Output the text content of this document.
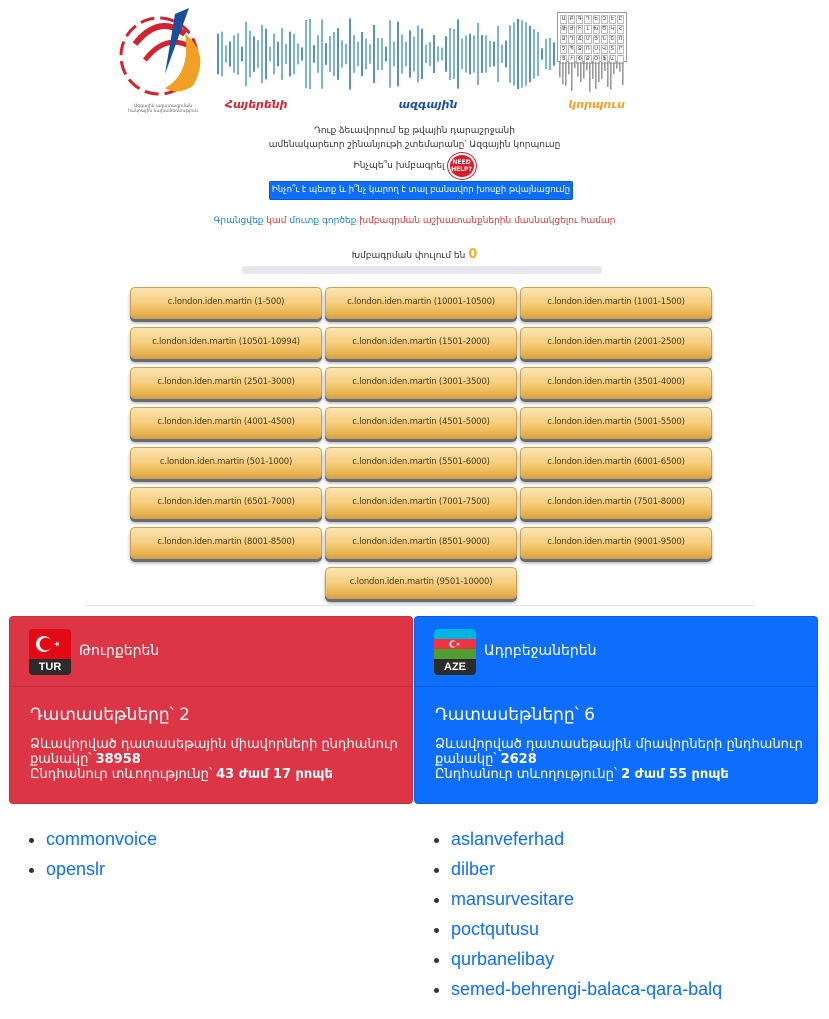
Ազգային ազատագրման
հանրային նախաձեռնություն
Ա Բ Գ Դ Ե Զ Է Ը
Թ Ժ Ի	Լ Խ Ծ Կ Հ
Ձ Ղ Ճ Մ Յ Ն Շ Ո
Չ Պ Ջ Ռ Ս Վ Տ Ր
Ց Ւ Փ Ք Օ Ֆ և	՝
Հայերենի	ազգային	կորպուս
Դուք ձեւավորում եք թվային դարաշրջանի
ամենակարեւոր շինանյութի շտեմարանը՝ Ազգային կորպուսը
Ինչպե՞ս խմբագրել	NEED HELP?
Ինչո՞ւ է պետք և ի՞նչ կարող է տալ բանավոր խոսքի թվայնացումը
Գրանցվեք կամ մուտք գործեք խմբագրման աշխատանքներին մասնակցելու համար
Խմբագրման փուլում են 0
c.london.iden.martin (1-500)	c.london.iden.martin (10001-10500)	c.london.iden.martin (1001-1500)
c.london.iden.martin (10501-10994)	c.london.iden.martin (1501-2000)	c.london.iden.martin (2001-2500)
c.london.iden.martin (2501-3000)	c.london.iden.martin (3001-3500)	c.london.iden.martin (3501-4000)
c.london.iden.martin (4001-4500)	c.london.iden.martin (4501-5000)	c.london.iden.martin (5001-5500)
c.london.iden.martin (501-1000)	c.london.iden.martin (5501-6000)	c.london.iden.martin (6001-6500)
c.london.iden.martin (6501-7000)	c.london.iden.martin (7001-7500)	c.london.iden.martin (7501-8000)
c.london.iden.martin (8001-8500)	c.london.iden.martin (8501-9000)	c.london.iden.martin (9001-9500)
c.london.iden.martin (9501-10000)
TUR
Թուրքերեն
Դատասեթները՝ 2
Ձևավորված դատասեթային միավորների ընդհանուր քանակը՝ 38958
Ընդհանուր տևողությունը՝ 43 ժամ 17 րոպե
AZE
Ադրբեջաներեն
Դատասեթները՝ 6
Ձևավորված դատասեթային միավորների ընդհանուր քանակը՝ 2628
Ընդհանուր տևողությունը՝ 2 ժամ 55 րոպե
• commonvoice
• openslr
• aslanveferhad
• dilber
• mansurvesitare
• poctqutusu
• qurbanelibay
• semed-behrengi-balaca-qara-balq
